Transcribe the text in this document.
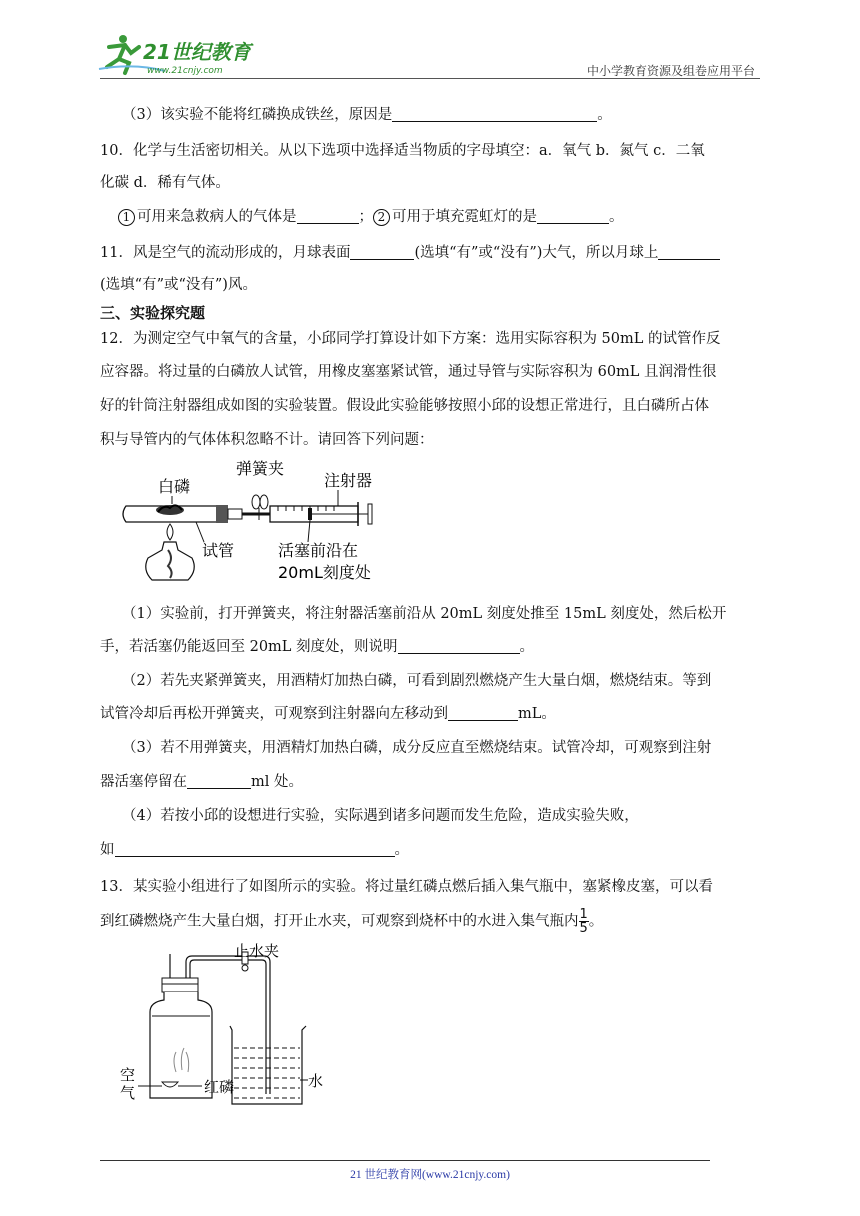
21世纪教育
www.21cnjy.com	中小学教育资源及组卷应用平台
（3）该实验不能将红磷换成铁丝，原因是	。
10．化学与生活密切相关。从以下选项中选择适当物质的字母填空：a．氧气 b．氮气 c．二氧
化碳 d．稀有气体。
1 可用来急救病人的气体是	； 2 可用于填充霓虹灯的是	。
11．风是空气的流动形成的，月球表面	(选填“有”或“没有”)大气，所以月球上
(选填“有”或“没有”)风。
三、实验探究题
12．为测定空气中氧气的含量，小邱同学打算设计如下方案：选用实际容积为 50mL 的试管作反
应容器。将过量的白磷放人试管，用橡皮塞塞紧试管，通过导管与实际容积为 60mL 且润滑性很
好的针筒注射器组成如图的实验装置。假设此实验能够按照小邱的设想正常进行，且白磷所占体
积与导管内的气体体积忽略不计。请回答下列问题：
白磷
弹簧夹
注射器
试管	活塞前沿在
20mL刻度处
（1）实验前，打开弹簧夹，将注射器活塞前沿从 20mL 刻度处推至 15mL 刻度处，然后松开
手，若活塞仍能返回至 20mL 刻度处，则说明	。
（2）若先夹紧弹簧夹，用酒精灯加热白磷，可看到剧烈燃烧产生大量白烟，燃烧结束。等到
试管冷却后再松开弹簧夹，可观察到注射器向左移动到	mL。
（3）若不用弹簧夹，用酒精灯加热白磷，成分反应直至燃烧结束。试管冷却，可观察到注射
器活塞停留在	ml 处。
（4）若按小邱的设想进行实验，实际遇到诸多问题而发生危险，造成实验失败，
如	。
13．某实验小组进行了如图所示的实验。将过量红磷点燃后插入集气瓶中，塞紧橡皮塞，可以看
到红磷燃烧产生大量白烟，打开止水夹，可观察到烧杯中的水进入集气瓶内 $\frac{1}{5}$ 。
止水夹
空
气	红磷	水
21 世纪教育网(www.21cnjy.com)
